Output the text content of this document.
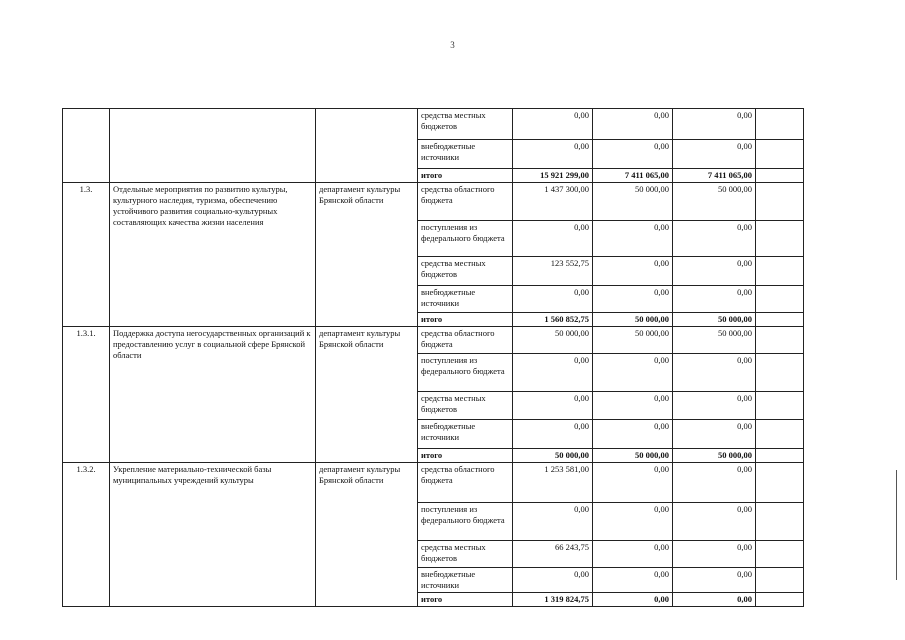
3
			средства местных бюджетов	0,00	0,00	0,00	
			внебюджетные источники	0,00	0,00	0,00	
			итого	15 921 299,00	7 411 065,00	7 411 065,00	
1.3.	Отдельные мероприятия по развитию культуры, культурного наследия, туризма, обеспечению устойчивого развития социально-культурных составляющих качества жизни населения	департамент культуры Брянской области	средства областного бюджета	1 437 300,00	50 000,00	50 000,00	
			поступления из федерального бюджета	0,00	0,00	0,00	
			средства местных бюджетов	123 552,75	0,00	0,00	
			внебюджетные источники	0,00	0,00	0,00	
			итого	1 560 852,75	50 000,00	50 000,00	
1.3.1.	Поддержка доступа негосударственных организаций к предоставлению услуг в социальной сфере Брянской области	департамент культуры Брянской области	средства областного бюджета	50 000,00	50 000,00	50 000,00	
			поступления из федерального бюджета	0,00	0,00	0,00	
			средства местных бюджетов	0,00	0,00	0,00	
			внебюджетные источники	0,00	0,00	0,00	
			итого	50 000,00	50 000,00	50 000,00	
1.3.2.	Укрепление материально-технической базы муниципальных учреждений культуры	департамент культуры Брянской области	средства областного бюджета	1 253 581,00	0,00	0,00	
			поступления из федерального бюджета	0,00	0,00	0,00	
			средства местных бюджетов	66 243,75	0,00	0,00	
			внебюджетные источники	0,00	0,00	0,00	
			итого	1 319 824,75	0,00	0,00	
